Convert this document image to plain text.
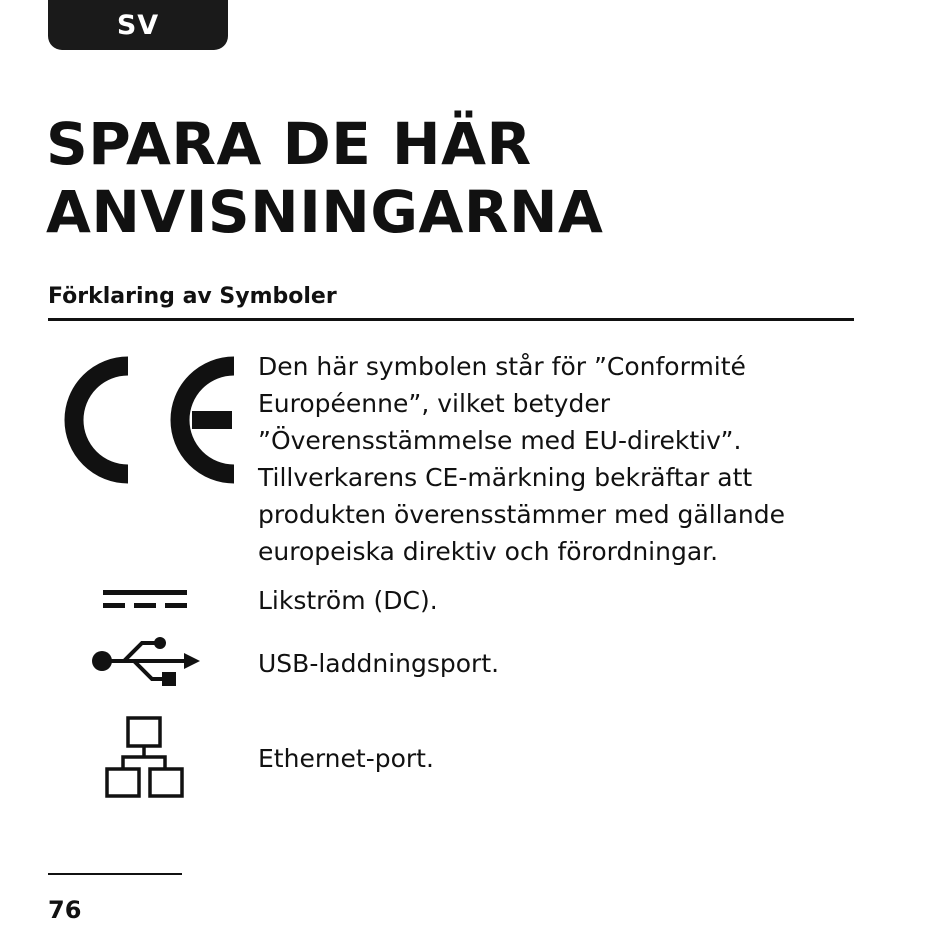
SV
SPARA DE HÄR
ANVISNINGARNA
Förklaring av Symboler

Den här symbolen står för ”Conformité
Européenne”, vilket betyder
”Överensstämmelse med EU-direktiv”.
Tillverkarens CE-märkning bekräftar att
produkten överensstämmer med gällande
europeiska direktiv och förordningar.

Likström (DC).

USB-laddningsport.

Ethernet-port.

76
